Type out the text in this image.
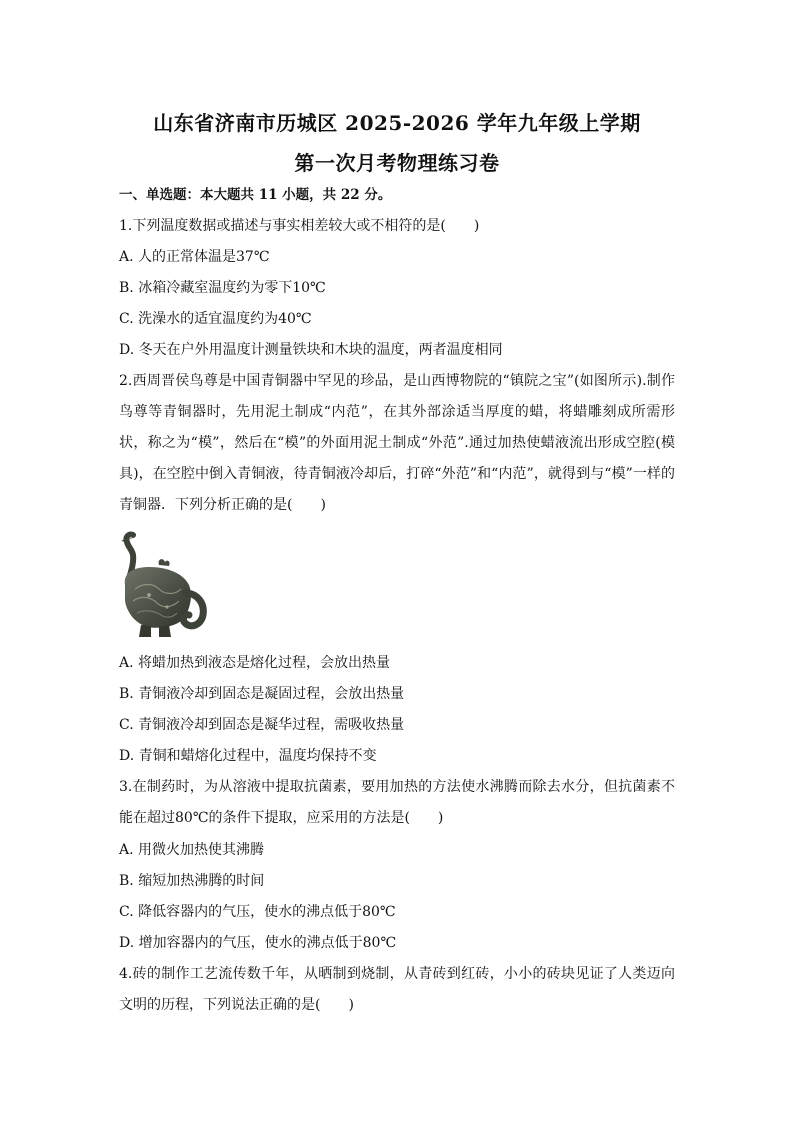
山东省济南市历城区 2025-2026 学年九年级上学期
第一次月考物理练习卷
一、单选题：本大题共 11 小题，共 22 分。
1.下列温度数据或描述与事实相差较大或不相符的是(　　)
A. 人的正常体温是37℃
B. 冰箱冷藏室温度约为零下10℃
C. 洗澡水的适宜温度约为40℃
D. 冬天在户外用温度计测量铁块和木块的温度，两者温度相同
2.西周晋侯鸟尊是中国青铜器中罕见的珍品，是山西博物院的“镇院之宝”(如图所示).制作鸟尊等青铜器时，先用泥土制成“内范”，在其外部涂适当厚度的蜡，将蜡雕刻成所需形状，称之为“模”，然后在“模”的外面用泥土制成“外范”.通过加热使蜡液流出形成空腔(模具)，在空腔中倒入青铜液，待青铜液冷却后，打碎“外范”和“内范”，就得到与“模”一样的青铜器．下列分析正确的是(　　)
A. 将蜡加热到液态是熔化过程，会放出热量
B. 青铜液冷却到固态是凝固过程，会放出热量
C. 青铜液冷却到固态是凝华过程，需吸收热量
D. 青铜和蜡熔化过程中，温度均保持不变
3.在制药时，为从溶液中提取抗菌素，要用加热的方法使水沸腾而除去水分，但抗菌素不能在超过80℃的条件下提取，应采用的方法是(　　)
A. 用微火加热使其沸腾
B. 缩短加热沸腾的时间
C. 降低容器内的气压，使水的沸点低于80℃
D. 增加容器内的气压，使水的沸点低于80℃
4.砖的制作工艺流传数千年，从晒制到烧制，从青砖到红砖，小小的砖块见证了人类迈向文明的历程，下列说法正确的是(　　)
